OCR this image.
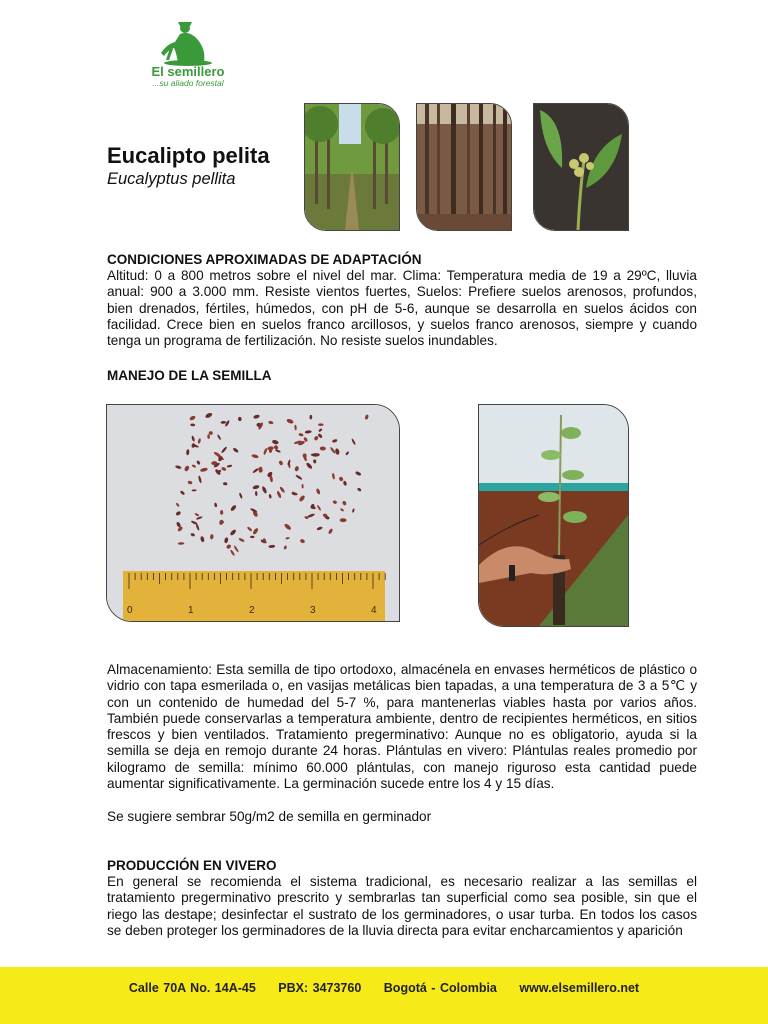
El semillero
...su aliado forestal
Eucalipto pelita
Eucalyptus pellita
CONDICIONES APROXIMADAS DE ADAPTACIÓN

Altitud: 0 a 800 metros sobre el nivel del mar. Clima: Temperatura media de 19 a 29ºC, lluvia anual: 900 a 3.000 mm. Resiste vientos fuertes, Suelos: Prefiere suelos arenosos, profundos, bien drenados, fértiles, húmedos, con pH de 5-6, aunque se desarrolla en suelos ácidos con facilidad. Crece bien en suelos franco arcillosos, y suelos franco arenosos, siempre y cuando tenga un programa de fertilización. No resiste suelos inundables.

MANEJO DE LA SEMILLA
0	1	2	3	4

Almacenamiento: Esta semilla de tipo ortodoxo, almacénela en envases herméticos de plástico o vidrio con tapa esmerilada o, en vasijas metálicas bien tapadas, a una temperatura de 3 a 5℃ y con un contenido de humedad del 5-7 %, para mantenerlas viables hasta por varios años. También puede conservarlas a temperatura ambiente, dentro de recipientes herméticos, en sitios frescos y bien ventilados. Tratamiento pregerminativo: Aunque no es obligatorio, ayuda si la semilla se deja en remojo durante 24 horas. Plántulas en vivero: Plántulas reales promedio por kilogramo de semilla: mínimo 60.000 plántulas, con manejo riguroso esta cantidad puede aumentar significativamente. La germinación sucede entre los 4 y 15 días.

Se sugiere sembrar 50g/m2 de semilla en germinador

PRODUCCIÓN EN VIVERO

En general se recomienda el sistema tradicional, es necesario realizar a las semillas el tratamiento pregerminativo prescrito y sembrarlas tan superficial como sea posible, sin que el riego las destape; desinfectar el sustrato de los germinadores, o usar turba. En todos los casos se deben proteger los germinadores de la lluvia directa para evitar encharcamientos y aparición

Calle 70A No. 14A-45 PBX: 3473760 Bogotá - Colombia www.elsemillero.net
